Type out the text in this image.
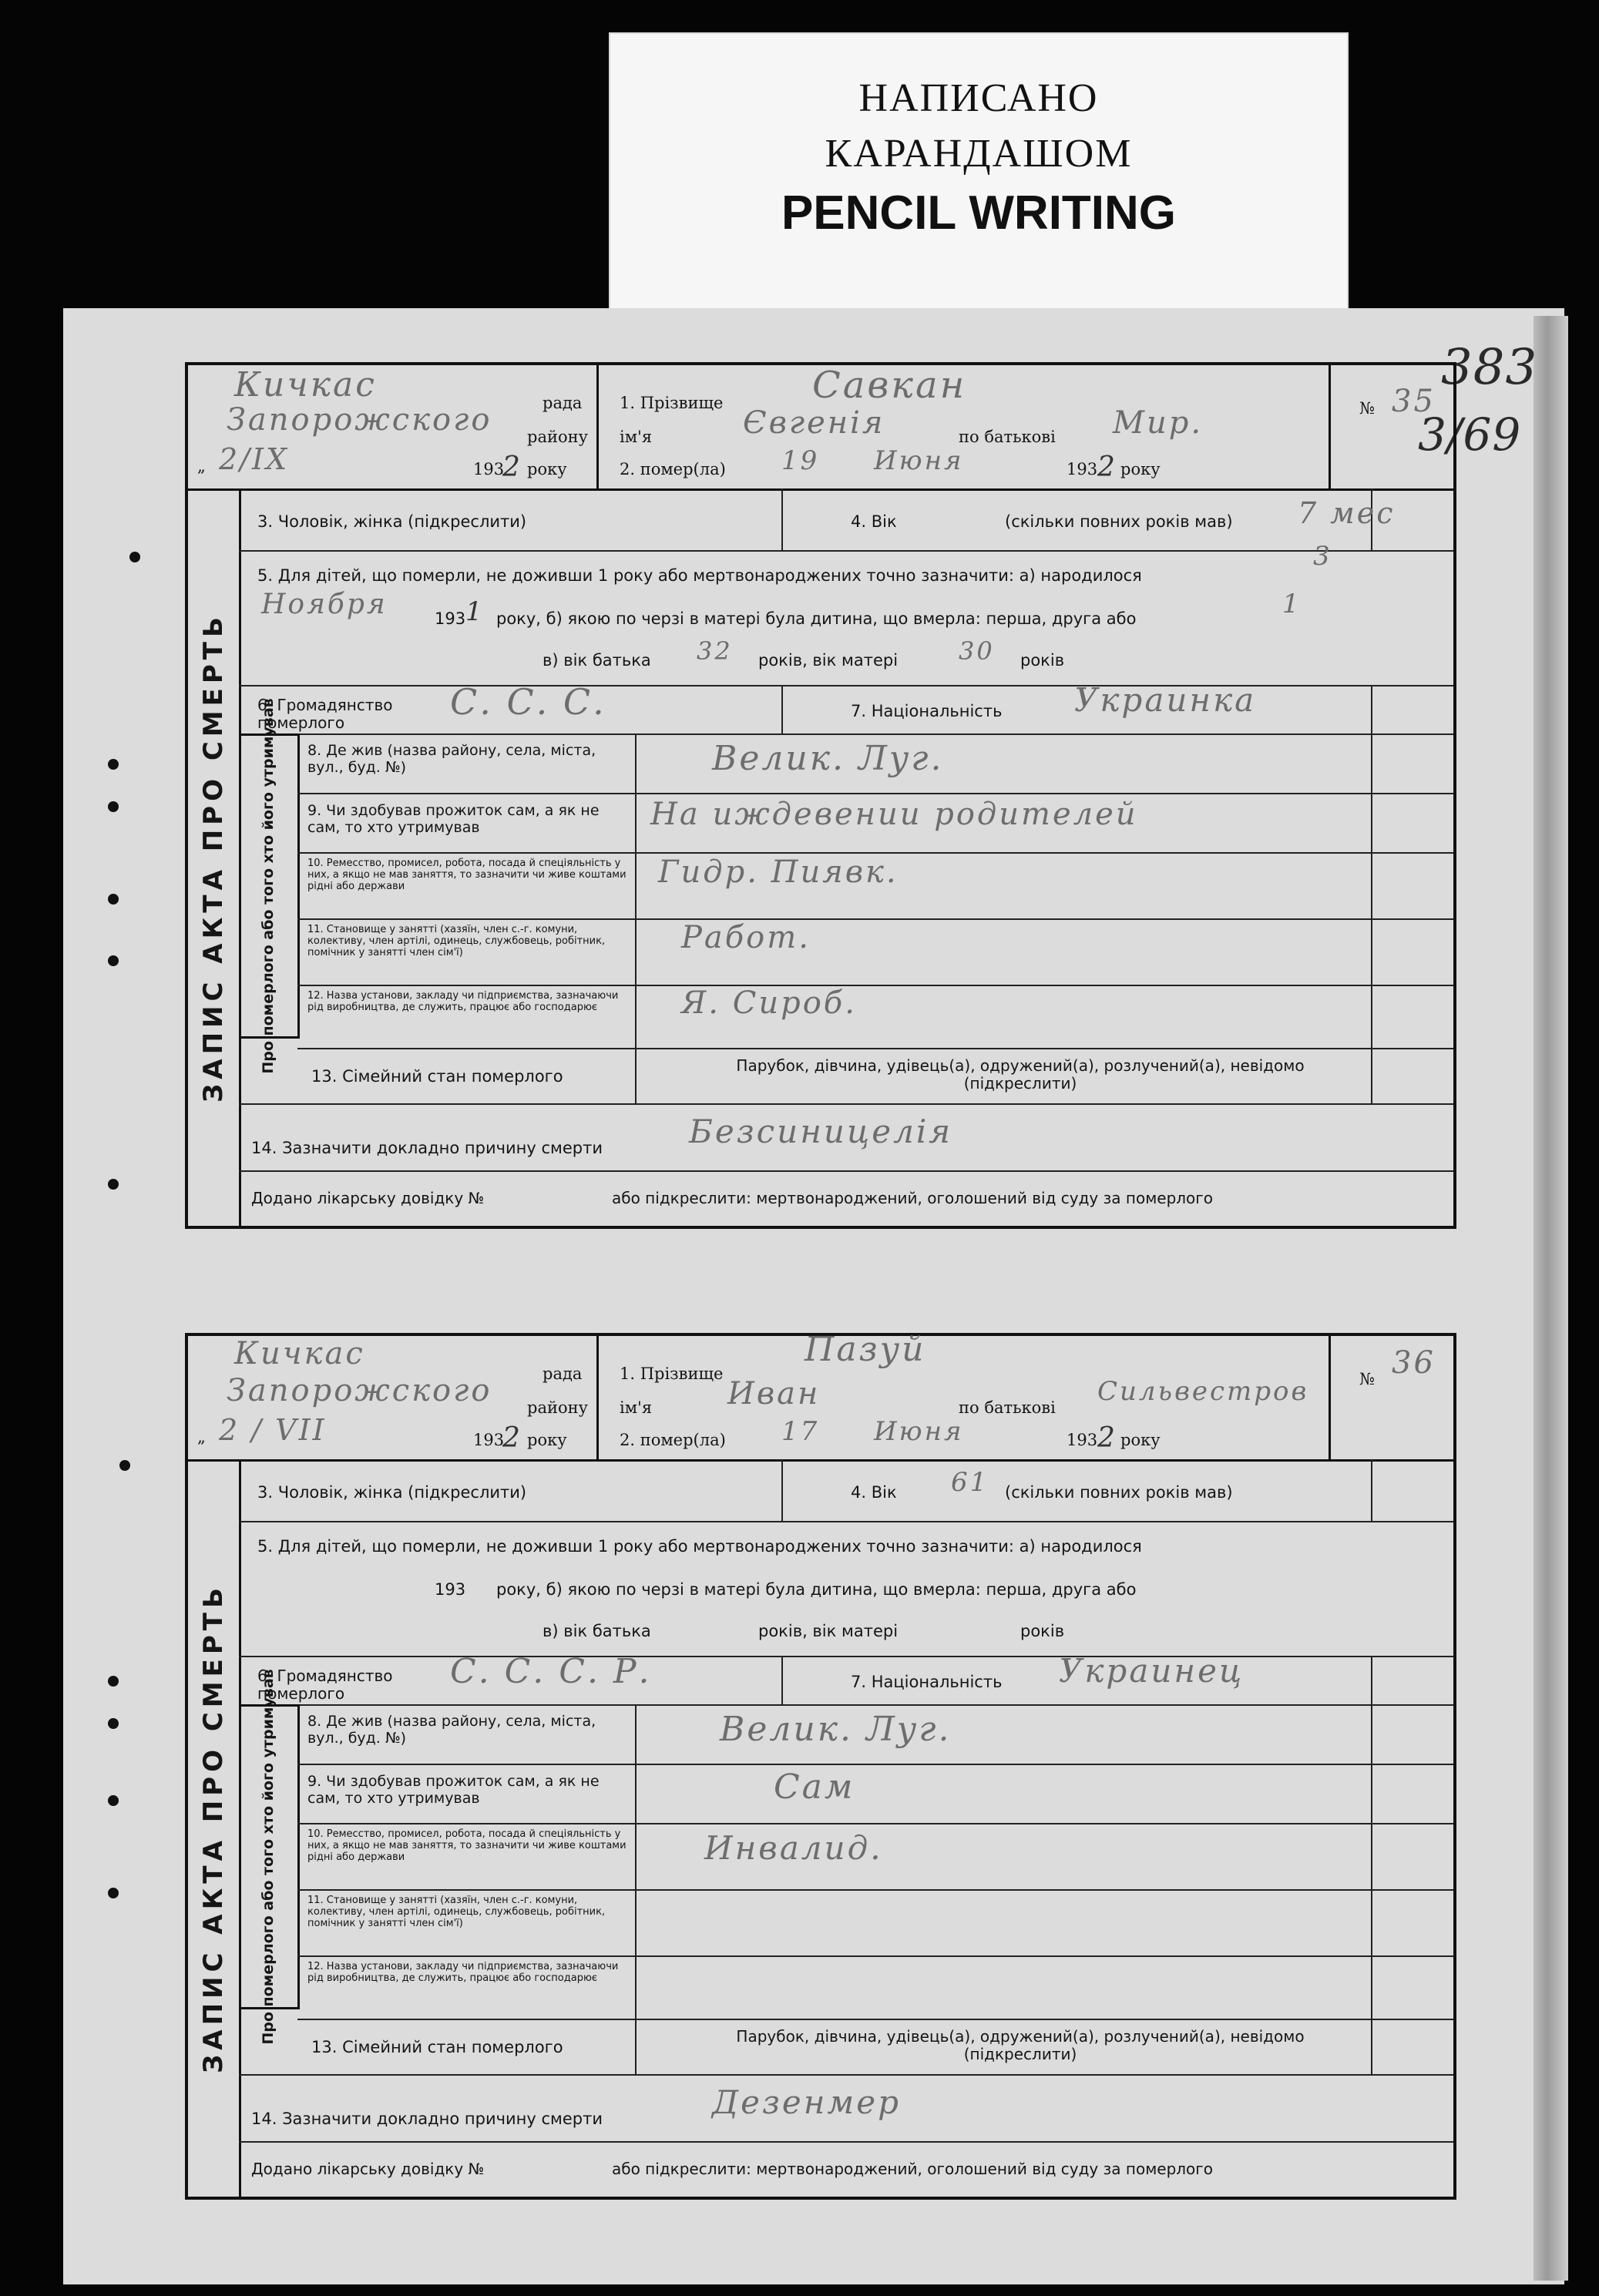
НАПИСАНО
КАРАНДАШОМ
PENCIL WRITING
383
3/69
Кичкас	рада
Запорожского району
„ 2/IX	193
2 року
1. Прізвище Савкан
ім'я	Євгенія	по батькові Мир.
2. помер(ла) 19 Июня	193 2 року
№ 35
ЗАПИС АКТА ПРО СМЕРТЬ
3. Чоловік, жінка (підкреслити)	4. Вік	(скільки повних років мав) 7 мес
5. Для дітей, що померли, не доживши 1 року або мертвонароджених точно зазначити: а) народилося
3
Ноября	193 1 року, б) якою по черзі в матері була дитина, що вмерла: перша, друга або	1
в) вік батька 32 років, вік матері 30 років
6. Громадянство померлого	С. С. С.	7. Національність Украинка
Про померлого або того хто його утримував 8. Де жив (назва району, села, міста, вул., буд. №)	Велик. Луг.
9. Чи здобував прожиток сам, а як не сам, то хто утримував	На иждевении родителей
10. Ремесство, промисел, робота, посада й спеціяльність у них, а якщо не мав заняття, то зазначити чи живе коштами рідні або держави	Гидр. Пиявк.
11. Становище у занятті (хазяїн, член с.-г. комуни, колективу, член артілі, одинець, службовець, робітник, помічник у занятті член сім'ї)	Работ.
12. Назва установи, закладу чи підприємства, зазначаючи рід виробництва, де служить, працює або господарює	Я. Сироб.
13. Сімейний стан померлого
Парубок, дівчина, удівець(а), одружений(а), розлучений(а), невідомо (підкреслити)
14. Зазначити докладно причину смерти	Безсиницелія
Додано лікарську довідку №	або підкреслити: мертвонароджений, оголошений від суду за померлого
Кичкас
рада
Запорожского району
„ 2 / VII	193
2 року
1. Прізвище
Пазуй
ім'я Иван	по батькові
Сильвестров
2. помер(ла) 17 Июня	193 2 року
№ 36
ЗАПИС АКТА ПРО СМЕРТЬ
3. Чоловік, жінка (підкреслити)	4. Вік	(скільки повних років мав)
61
5. Для дітей, що померли, не доживши 1 року або мертвонароджених точно зазначити: а) народилося
193 року, б) якою по черзі в матері була дитина, що вмерла: перша, друга або
в) вік батька	років, вік матері	років
6. Громадянство померлого
С. С. С. Р.	7. Національність Украинец
Про померлого або того хто його утримував 8. Де жив (назва району, села, міста, вул., буд. №)	Велик. Луг.
9. Чи здобував прожиток сам, а як не сам, то хто утримував	Сам
10. Ремесство, промисел, робота, посада й спеціяльність у них, а якщо не мав заняття, то зазначити чи живе коштами рідні або держави	Инвалид.
11. Становище у занятті (хазяїн, член с.-г. комуни, колективу, член артілі, одинець, службовець, робітник, помічник у занятті член сім'ї)
12. Назва установи, закладу чи підприємства, зазначаючи рід виробництва, де служить, працює або господарює
13. Сімейний стан померлого
Парубок, дівчина, удівець(а), одружений(а), розлучений(а), невідомо (підкреслити)
14. Зазначити докладно причину смерти	Дезенмер
Додано лікарську довідку №	або підкреслити: мертвонароджений, оголошений від суду за померлого
